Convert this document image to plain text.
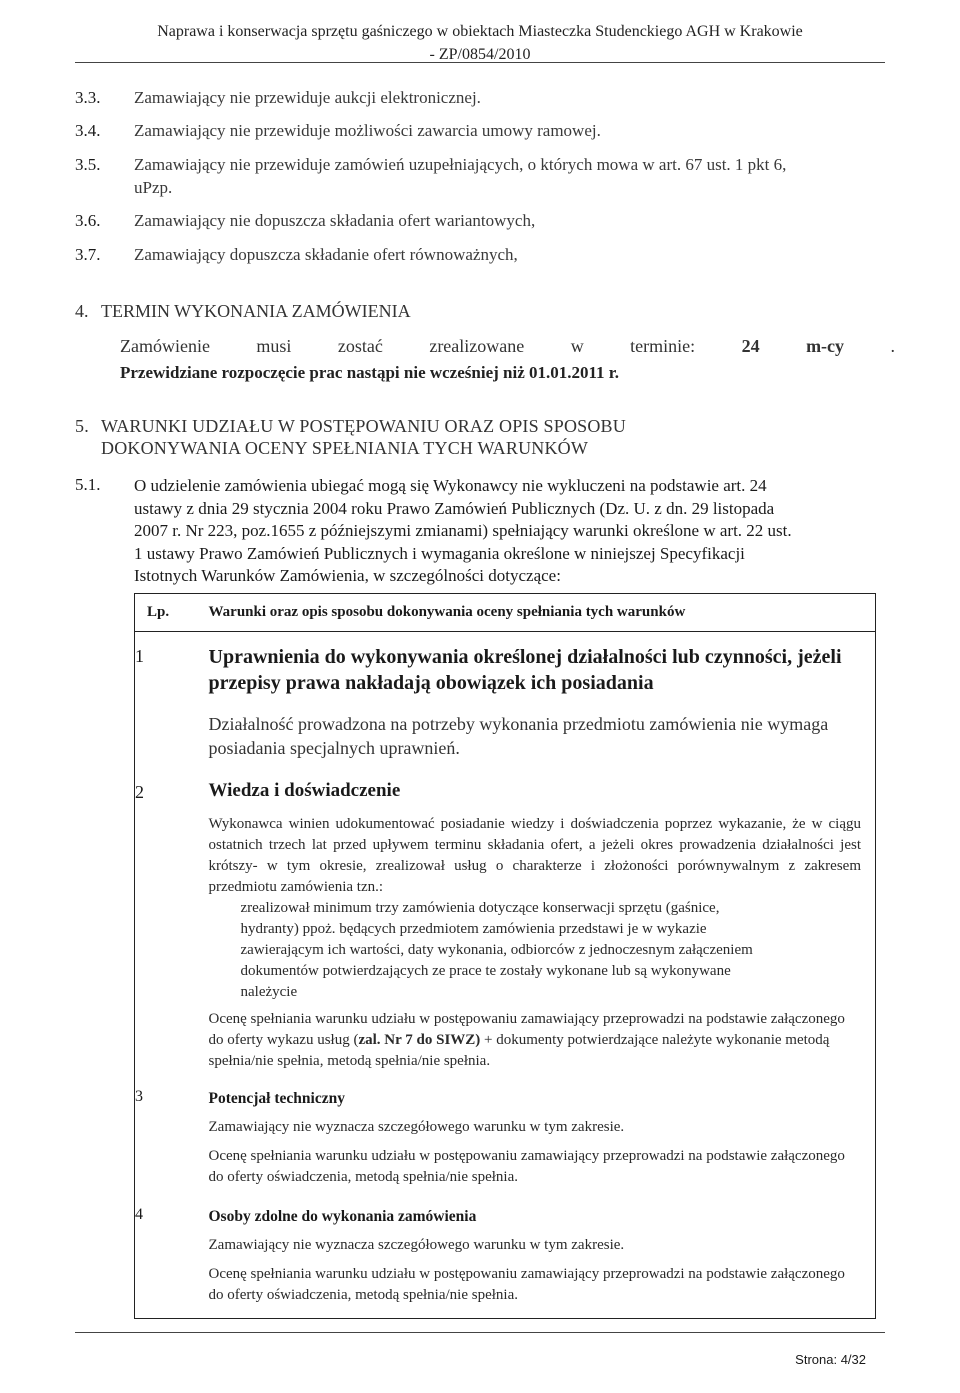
Naprawa i konserwacja sprzętu gaśniczego w obiektach Miasteczka Studenckiego AGH w Krakowie
- ZP/0854/2010
3.3. Zamawiający nie przewiduje aukcji elektronicznej.
3.4. Zamawiający nie przewiduje możliwości zawarcia umowy ramowej.
3.5. Zamawiający nie przewiduje zamówień uzupełniających, o których mowa w art. 67 ust. 1 pkt 6,
uPzp.
3.6. Zamawiający nie dopuszcza składania ofert wariantowych,
3.7. Zamawiający dopuszcza składanie ofert równoważnych,
4. TERMIN WYKONANIA ZAMÓWIENIA
Zamówienie	musi	zostać	zrealizowane	w	terminie:	24	m-cy	.
Przewidziane rozpoczęcie prac nastąpi nie wcześniej niż 01.01.2011 r.
5. WARUNKI UDZIAŁU W POSTĘPOWANIU ORAZ OPIS SPOSOBU
DOKONYWANIA OCENY SPEŁNIANIA TYCH WARUNKÓW
5.1. O udzielenie zamówienia ubiegać mogą się Wykonawcy nie wykluczeni na podstawie art. 24
ustawy z dnia 29 stycznia 2004 roku Prawo Zamówień Publicznych (Dz. U. z dn. 29 listopada
2007 r. Nr 223, poz.1655 z późniejszymi zmianami) spełniający warunki określone w art. 22 ust.
1 ustawy Prawo Zamówień Publicznych i wymagania określone w niniejszej Specyfikacji
Istotnych Warunków Zamówienia, w szczególności dotyczące:
Lp.	Warunki oraz opis sposobu dokonywania oceny spełniania tych warunków
1	Uprawnienia do wykonywania określonej działalności lub czynności, jeżeli przepisy prawa nakładają obowiązek ich posiadania
Działalność prowadzona na potrzeby wykonania przedmiotu zamówienia nie wymaga posiadania specjalnych uprawnień.

2	Wiedza i doświadczenie
Wykonawca winien udokumentować posiadanie wiedzy i doświadczenia poprzez wykazanie, że w ciągu ostatnich trzech lat przed upływem terminu składania ofert, a jeżeli okres prowadzenia działalności jest krótszy- w tym okresie, zrealizował usług o charakterze i złożoności porównywalnym z zakresem przedmiotu zamówienia tzn.:
zrealizował minimum trzy zamówienia dotyczące konserwacji sprzętu (gaśnice, hydranty) ppoż. będących przedmiotem zamówienia przedstawi je w wykazie zawierającym ich wartości, daty wykonania, odbiorców z jednoczesnym załączeniem dokumentów potwierdzających ze prace te zostały wykonane lub są wykonywane należycie
Ocenę spełniania warunku udziału w postępowaniu zamawiający przeprowadzi na podstawie załączonego do oferty wykazu usług (zal. Nr 7 do SIWZ) + dokumenty potwierdzające należyte wykonanie metodą spełnia/nie spełnia, metodą spełnia/nie spełnia.

3	Potencjał techniczny
Zamawiający nie wyznacza szczegółowego warunku w tym zakresie.
Ocenę spełniania warunku udziału w postępowaniu zamawiający przeprowadzi na podstawie załączonego do oferty oświadczenia, metodą spełnia/nie spełnia.

4	Osoby zdolne do wykonania zamówienia
Zamawiający nie wyznacza szczegółowego warunku w tym zakresie.
Ocenę spełniania warunku udziału w postępowaniu zamawiający przeprowadzi na podstawie załączonego do oferty oświadczenia, metodą spełnia/nie spełnia.
Strona: 4/32
